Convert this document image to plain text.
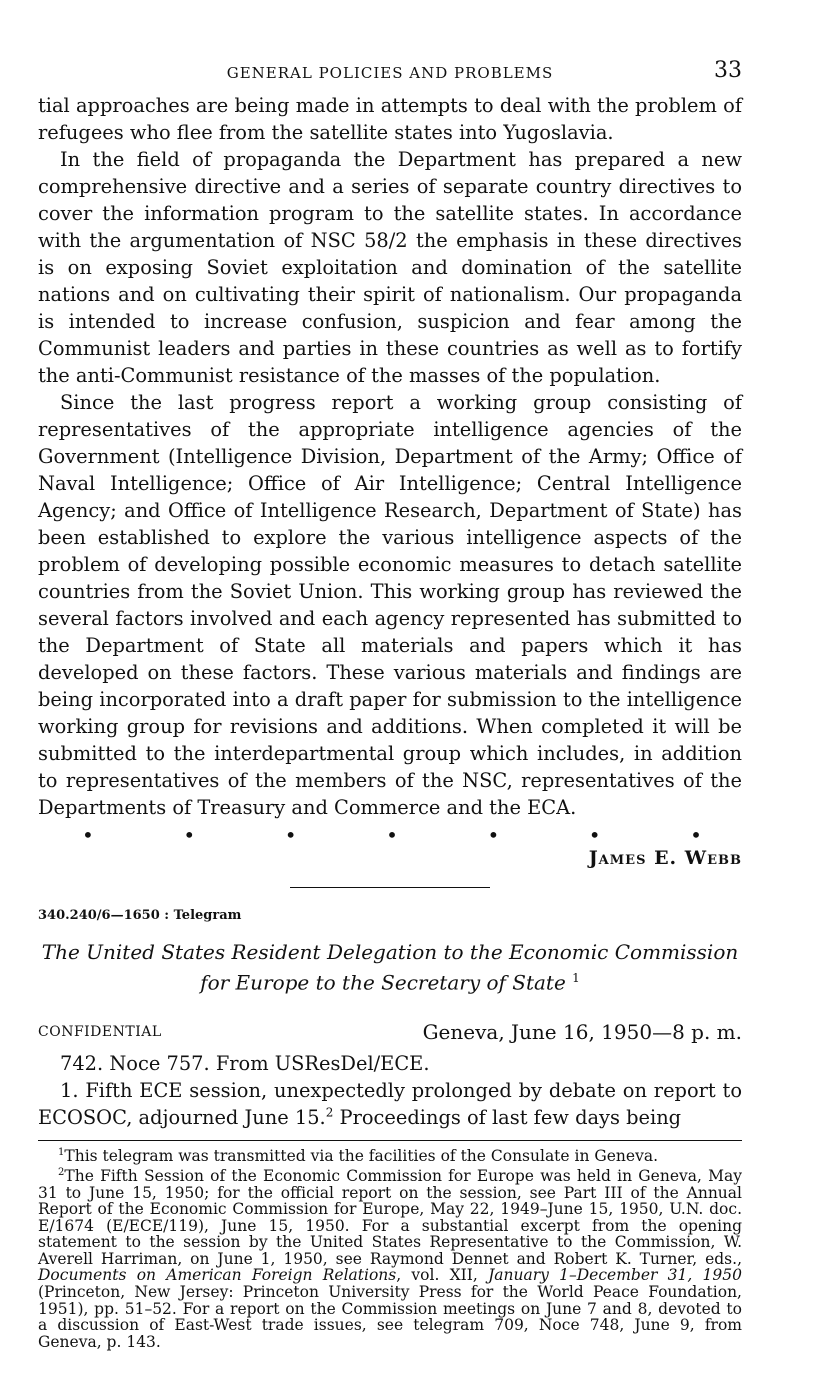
GENERAL POLICIES AND PROBLEMS	33

tial approaches are being made in attempts to deal with the problem of refugees who flee from the satellite states into Yugoslavia.

In the field of propaganda the Department has prepared a new comprehensive directive and a series of separate country directives to cover the information program to the satellite states. In accordance with the argumentation of NSC 58/2 the emphasis in these directives is on exposing Soviet exploitation and domination of the satellite nations and on cultivating their spirit of nationalism. Our propaganda is intended to increase confusion, suspicion and fear among the Communist leaders and parties in these countries as well as to fortify the anti-Communist resistance of the masses of the population.

Since the last progress report a working group consisting of representatives of the appropriate intelligence agencies of the Government (Intelligence Division, Department of the Army; Office of Naval Intelligence; Office of Air Intelligence; Central Intelligence Agency; and Office of Intelligence Research, Department of State) has been established to explore the various intelligence aspects of the problem of developing possible economic measures to detach satellite countries from the Soviet Union. This working group has reviewed the several factors involved and each agency represented has submitted to the Department of State all materials and papers which it has developed on these factors. These various materials and findings are being incorporated into a draft paper for submission to the intelligence working group for revisions and additions. When completed it will be submitted to the interdepartmental group which includes, in addition to representatives of the members of the NSC, representatives of the Departments of Treasury and Commerce and the ECA.

•	•	•	•	•	•	•
James E. Webb
340.240/6—1650 : Telegram
The United States Resident Delegation to the Economic Commission for Europe to the Secretary of State $^1$
CONFIDENTIAL	Geneva, June 16, 1950—8 p. m.

742. Noce 757. From USResDel/ECE.

1. Fifth ECE session, unexpectedly prolonged by debate on report to ECOSOC, adjourned June 15.$^2$ Proceedings of last few days being

$^1$This telegram was transmitted via the facilities of the Consulate in Geneva.

$^2$The Fifth Session of the Economic Commission for Europe was held in Geneva, May 31 to June 15, 1950; for the official report on the session, see Part III of the Annual Report of the Economic Commission for Europe, May 22, 1949–June 15, 1950, U.N. doc. E/1674 (E/ECE/119), June 15, 1950. For a substantial excerpt from the opening statement to the session by the United States Representative to the Commission, W. Averell Harriman, on June 1, 1950, see Raymond Dennet and Robert K. Turner, eds., Documents on American Foreign Relations, vol. XII, January 1–December 31, 1950 (Princeton, New Jersey: Princeton University Press for the World Peace Foundation, 1951), pp. 51–52. For a report on the Commission meetings on June 7 and 8, devoted to a discussion of East-West trade issues, see telegram 709, Noce 748, June 9, from Geneva, p. 143.
